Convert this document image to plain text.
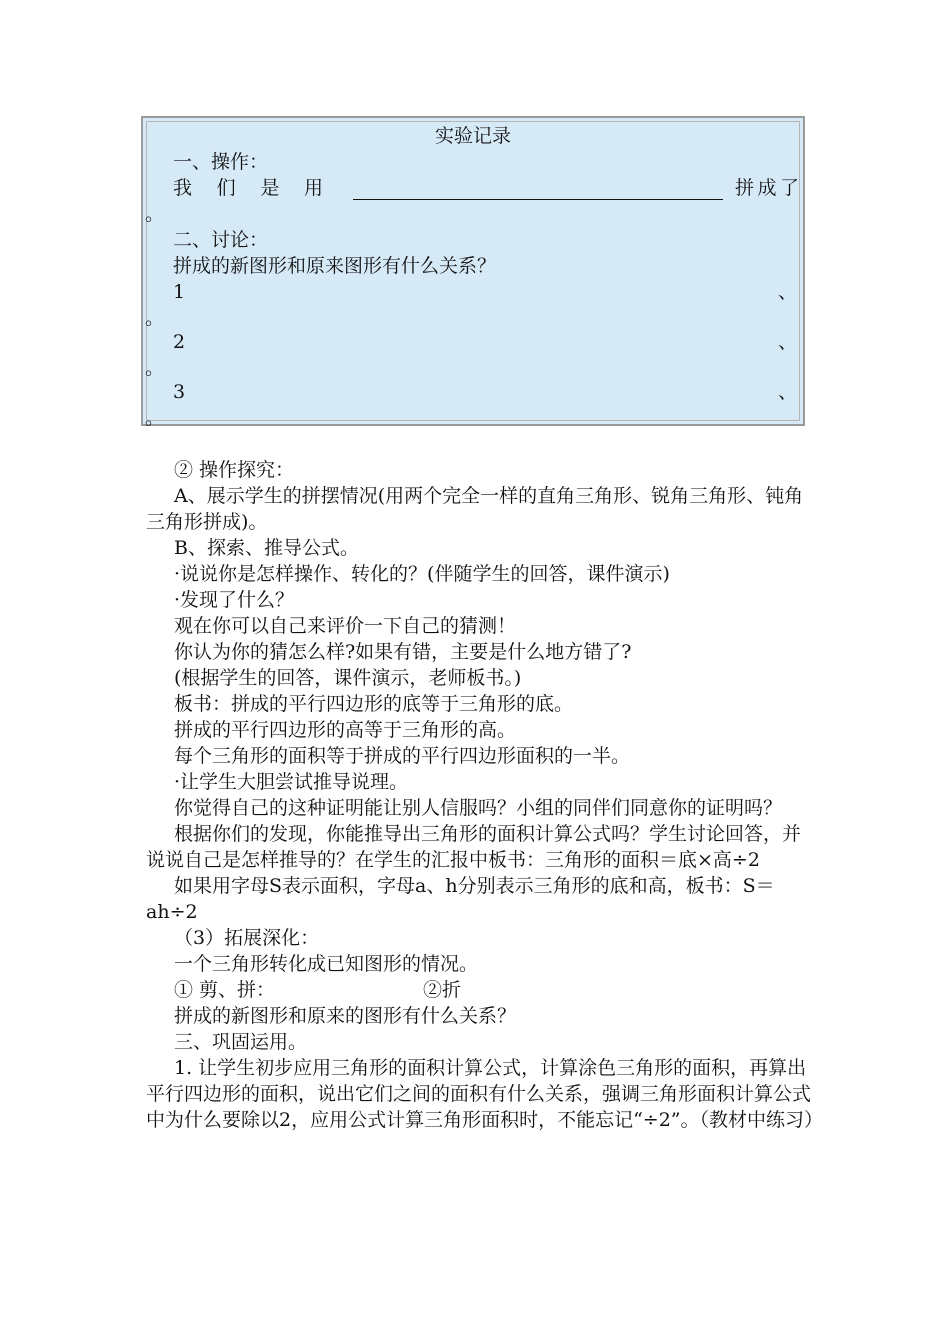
实验记录
一、操作：
我 们 是 用	拼 成 了
。
二、讨论：
拼成的新图形和原来图形有什么关系？
1	、
。
2	、
。
3	、
。

② 操作探究：

A、展示学生的拼摆情况(用两个完全一样的直角三角形、锐角三角形、钝角三角形拼成)。

B、探索、推导公式。

·说说你是怎样操作、转化的？(伴随学生的回答，课件演示)

·发现了什么？

观在你可以自己来评价一下自己的猜测！

你认为你的猜怎么样?如果有错，主要是什么地方错了?

(根据学生的回答，课件演示，老师板书。)

板书：拼成的平行四边形的底等于三角形的底。

拼成的平行四边形的高等于三角形的高。

每个三角形的面积等于拼成的平行四边形面积的一半。

·让学生大胆尝试推导说理。

你觉得自己的这种证明能让别人信服吗？小组的同伴们同意你的证明吗？

根据你们的发现，你能推导出三角形的面积计算公式吗？学生讨论回答，并说说自己是怎样推导的？在学生的汇报中板书：三角形的面积＝底×高÷2

如果用字母S表示面积，字母a、h分别表示三角形的底和高，板书：S＝ah÷2

（3）拓展深化：

一个三角形转化成已知图形的情况。

① 剪、拼：	②折

拼成的新图形和原来的图形有什么关系？

三、巩固运用。

1. 让学生初步应用三角形的面积计算公式，计算涂色三角形的面积，再算出平行四边形的面积，说出它们之间的面积有什么关系，强调三角形面积计算公式中为什么要除以2，应用公式计算三角形面积时，不能忘记“÷2”。（教材中练习）
